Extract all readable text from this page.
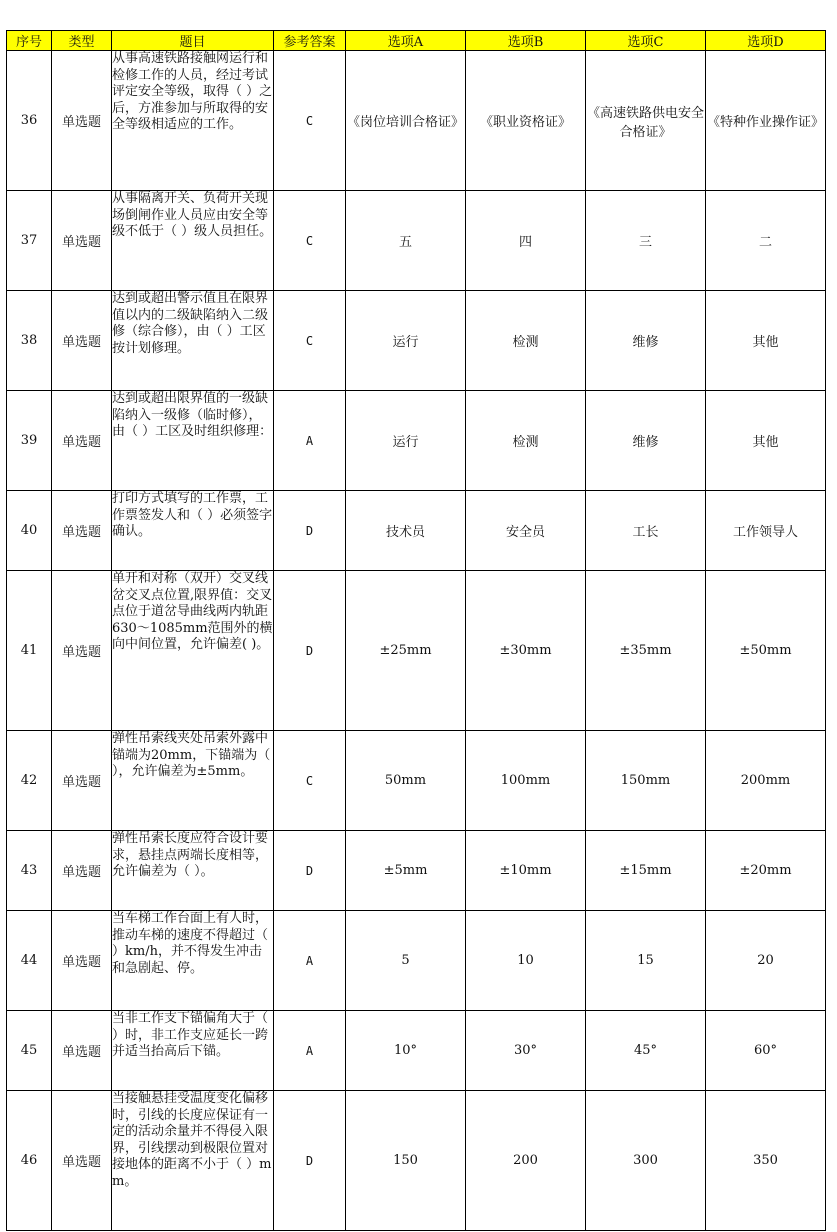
序号	类型	题目	参考答案	选项A	选项B	选项C	选项D
36	单选题	从事高速铁路接触网运行和检修工作的人员，经过考试评定安全等级，取得（ ）之后，方准参加与所取得的安全等级相适应的工作。	C	《岗位培训合格证》	《职业资格证》	《高速铁路供电安全合格证》	《特种作业操作证》
37	单选题	从事隔离开关、负荷开关现场倒闸作业人员应由安全等级不低于（ ）级人员担任。	C	五	四	三	二
38	单选题	达到或超出警示值且在限界值以内的二级缺陷纳入二级修（综合修），由（ ）工区按计划修理。	C	运行	检测	维修	其他
39	单选题	达到或超出限界值的一级缺陷纳入一级修（临时修），由（ ）工区及时组织修理：	A	运行	检测	维修	其他
40	单选题	打印方式填写的工作票，工作票签发人和（ ）必须签字确认。	D	技术员	安全员	工长	工作领导人
41	单选题	单开和对称（双开）交叉线岔交叉点位置,限界值：交叉点位于道岔导曲线两内轨距630～1085mm范围外的横向中间位置，允许偏差( )。	D	±25mm	±30mm	±35mm	±50mm
42	单选题	弹性吊索线夹处吊索外露中锚端为20mm，下锚端为（ ），允许偏差为±5mm。	C	50mm	100mm	150mm	200mm
43	单选题	弹性吊索长度应符合设计要求，悬挂点两端长度相等，允许偏差为（ ）。	D	±5mm	±10mm	±15mm	±20mm
44	单选题	当车梯工作台面上有人时，推动车梯的速度不得超过（ ）km/h，并不得发生冲击和急剧起、停。	A	5	10	15	20
45	单选题	当非工作支下锚偏角大于（ ）时，非工作支应延长一跨并适当抬高后下锚。	A	10°	30°	45°	60°
46	单选题	当接触悬挂受温度变化偏移时，引线的长度应保证有一定的活动余量并不得侵入限界，引线摆动到极限位置对接地体的距离不小于（ ）mm。	D	150	200	300	350
